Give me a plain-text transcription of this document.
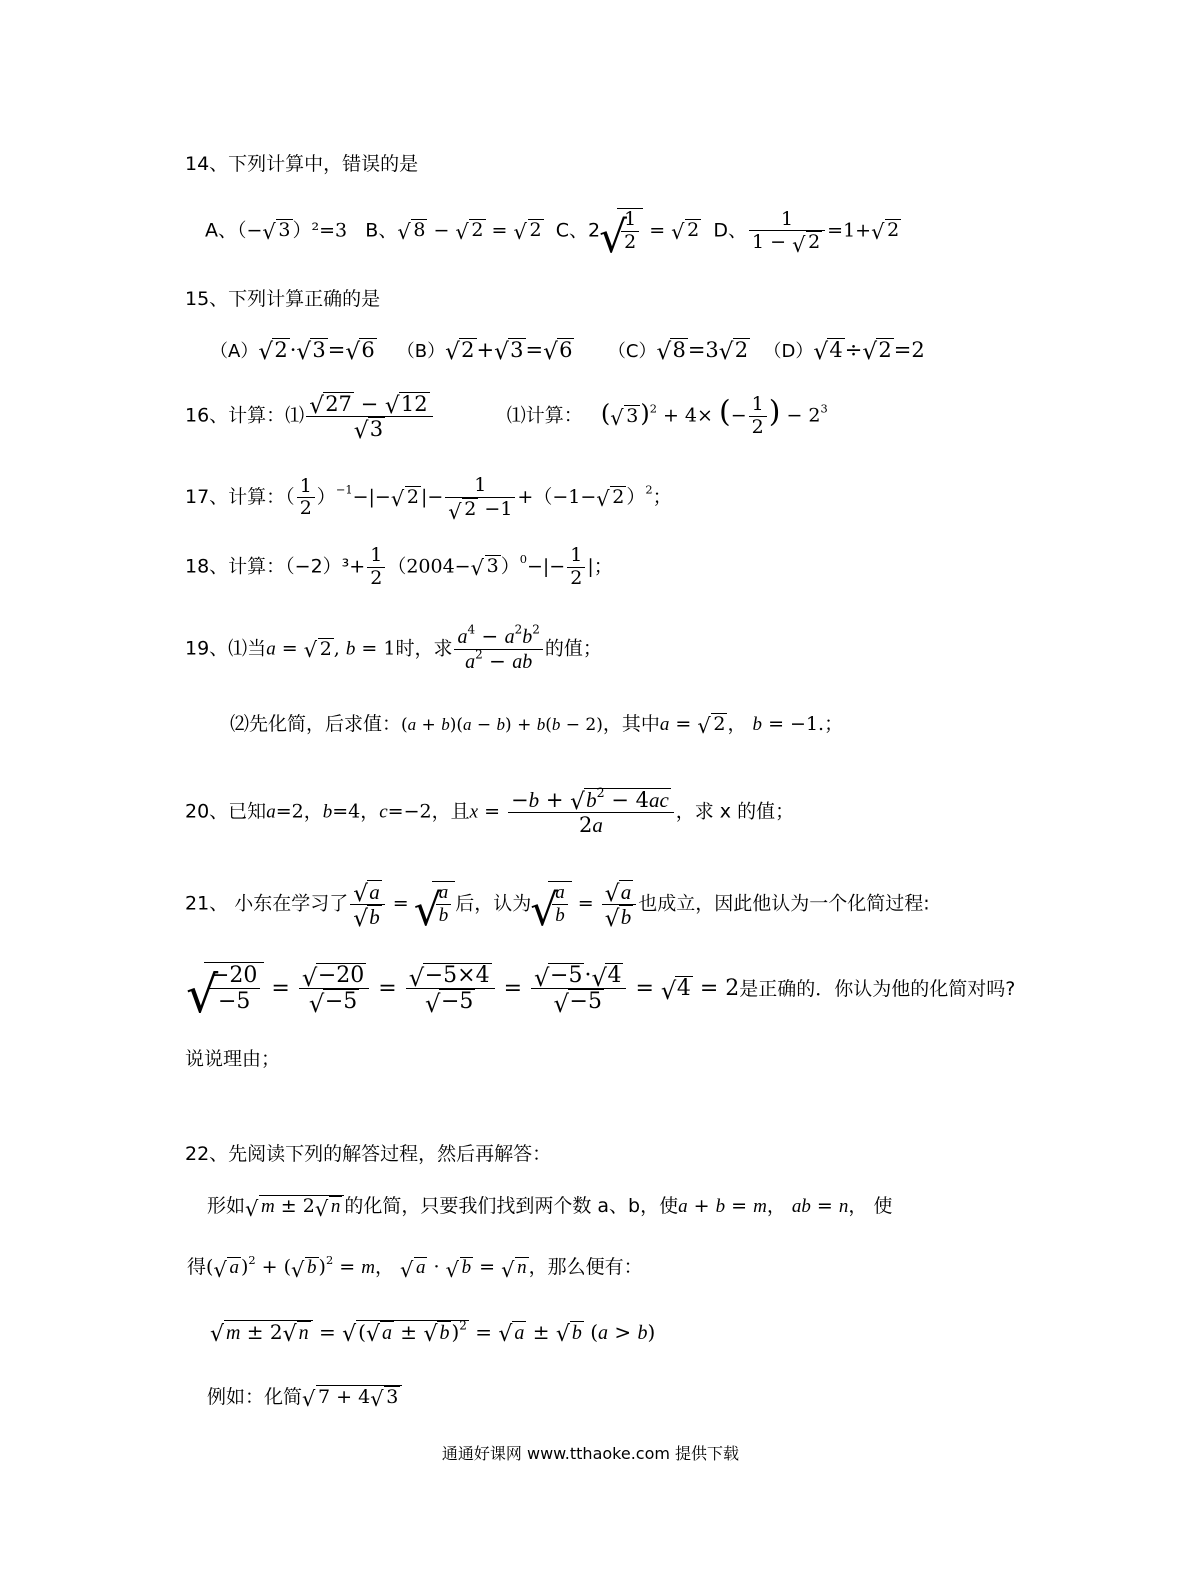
14、下列计算中，错误的是
A、（−√ 3 ）²=3 B、√ 8 − √ 2 = √ 2 C、2
√ $\frac{1}{2}$ = √ 2 D、 $\frac{1}{1 - √ 2} =1+√$ 2
15、下列计算正确的是
（A）√ 2·√ 3=√ 6 （B）√ 2+√ 3=√ 6 （C）√ 8=3√ 2 （D）√ 4÷√ 2=2
16、计算：⑴
√ 27 − √ 12
√ 3	⑴计算： (√ 3)$^2$ + 4× (− $\frac{1}{2}$ ) − $2^3$
17、计算：（ $\frac{1}{2} )^{-1}-|-√$ 2 |− 1
√ 2 −1 +（−1−√ 2 ）$^2$；
18、计算：$(-2)^3+ \frac{1}{2} (2004-√$ 3 ）$^0-|- \frac{1}{2}$ |；
19、⑴当a = √ 2 , b = 1时，求 $\frac{a^4 - a^2b^2}{a^2 - ab}$ 的值；
⑵先化简，后求值：(a + b)(a − b) + b(b − 2)，其中a = √ 2 ， b = −1.；
20、已知a=2，b=4，c=−2，且$x = \frac{-b + √ b^2 - 4ac}{2a}$ ，求 x 的值；
21、 小东在学习了
√ a
√ b =
√ $\frac{a}{b}$ 后，认为
√ $\frac{a}{b}$ =
√ a
√ b 也成立，因此他认为一个化简过程:
√ $\frac{-20}{-5}$ =
√ −20
√ −5 =
√ −5×4
√ −5 =
√ −5·√ 4
√ −5 = √ 4 = 2是正确的．你认为他的化简对吗?
说说理由；
22、先阅读下列的解答过程，然后再解答：
形如√ m ± 2√ n 的化简，只要我们找到两个数 a、b，使a + b = m， ab = n， 使
得(√ a )$^2$ + (√ b )$^2$ = m， √ a · √ b = √ n ，那么便有：
√ m ± 2√ n = √ (√ a ± √ b )$^2$ = √ a ± √ b (a > b)
例如：化简√ 7 + 4√ 3
通通好课网 www.tthaoke.com 提供下载
